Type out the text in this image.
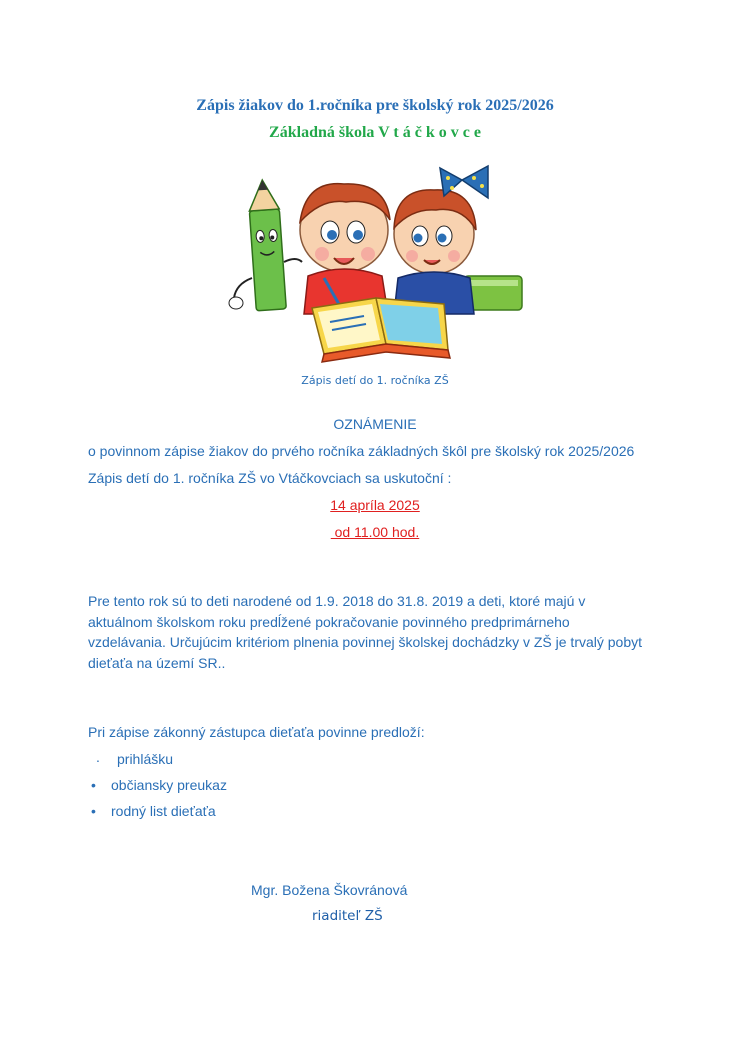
Zápis žiakov do 1.ročníka pre školský rok 2025/2026
Základná škola V t á č k o v c e
Zápis detí do 1. ročníka ZŠ
OZNÁMENIE
o povinnom zápise žiakov do prvého ročníka základných škôl pre školský rok 2025/2026
Zápis detí do 1. ročníka ZŠ vo Vtáčkovciach sa uskutoční :
14 apríla 2025
od 11.00 hod.
Pre tento rok sú to deti narodené od 1.9. 2018 do 31.8. 2019 a deti, ktoré majú v aktuálnom školskom roku predĺžené pokračovanie povinného predprimárneho vzdelávania. Určujúcim kritériom plnenia povinnej školskej dochádzky v ZŠ je trvalý pobyt dieťaťa na území SR..
Pri zápise zákonný zástupca dieťaťa povinne predloží:
. prihlášku
• občiansky preukaz
• rodný list dieťaťa
Mgr. Božena Škovránová
riaditeľ ZŠ
